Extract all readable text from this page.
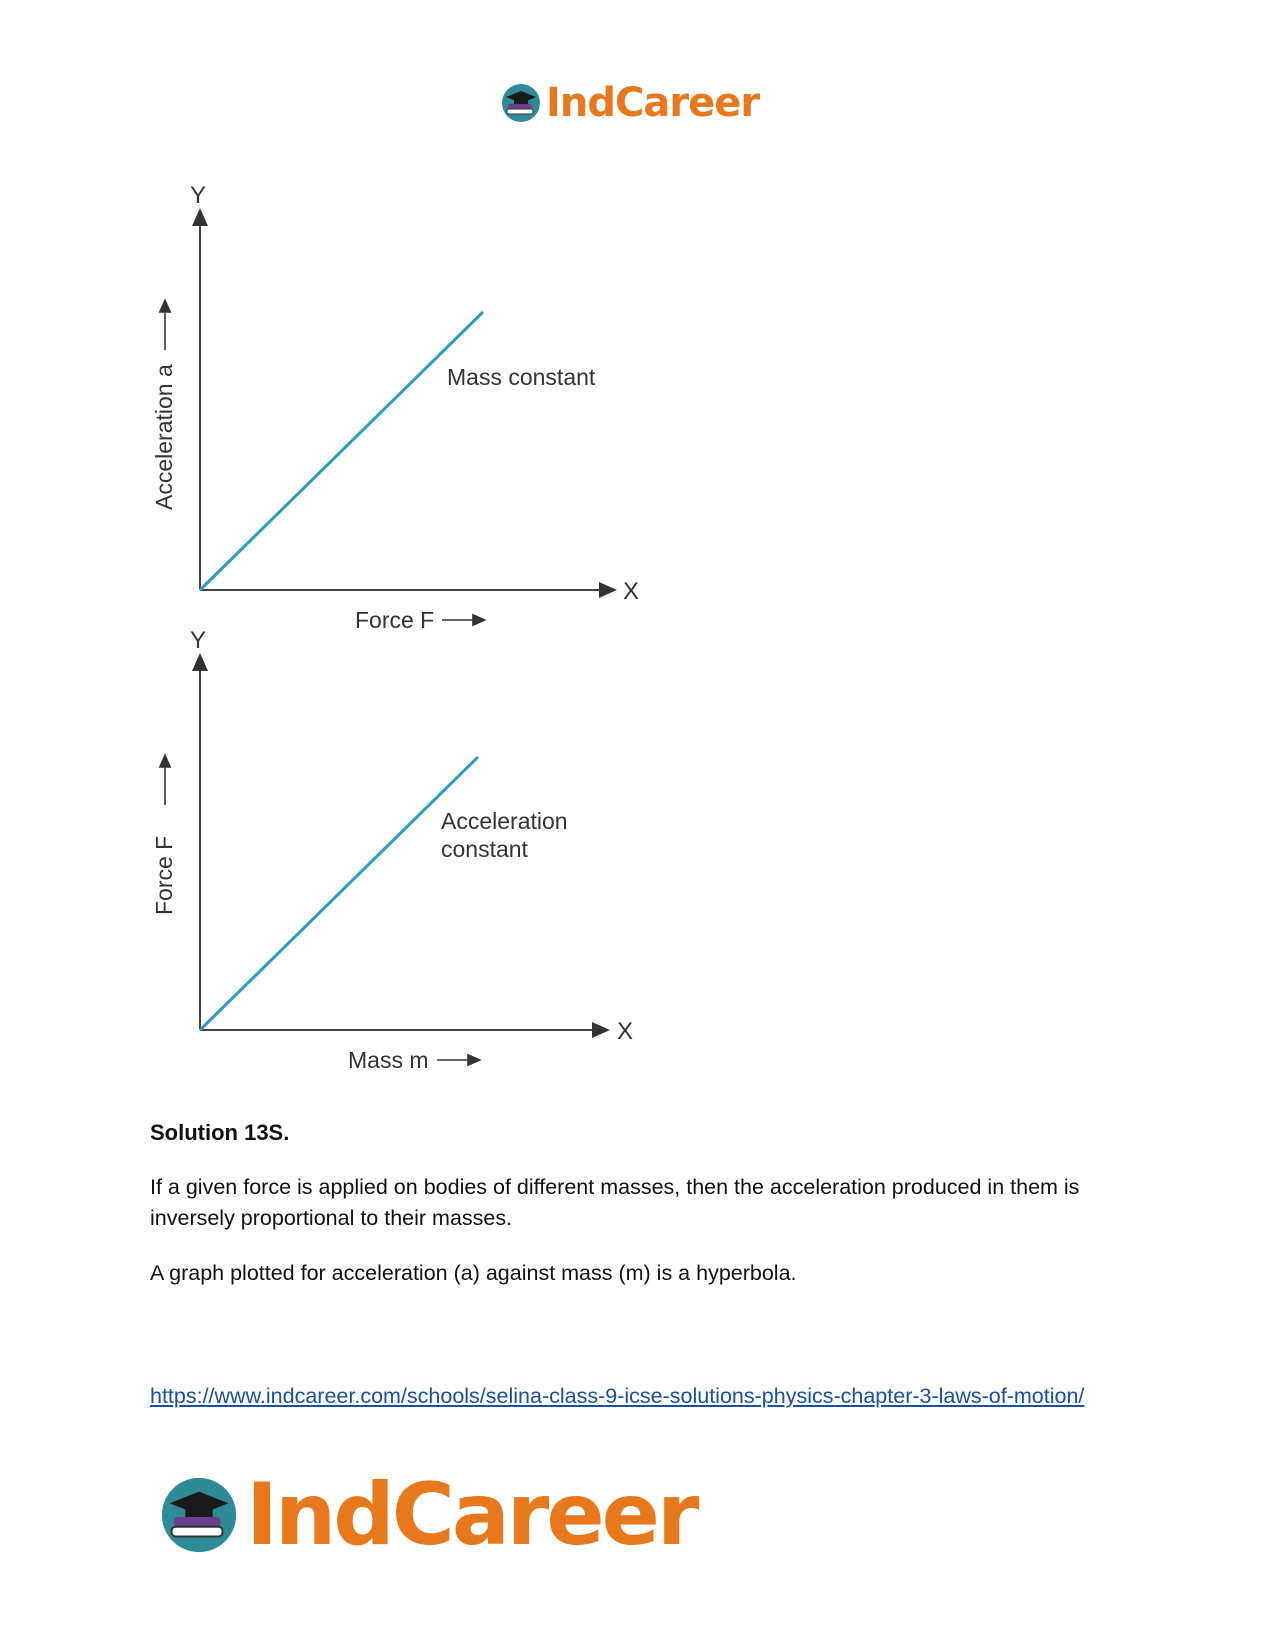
IndCareer
Y
X
Acceleration a
Force F
Mass constant
Y
X
Force F
Mass m
Acceleration
constant
Solution 13S.

If a given force is applied on bodies of different masses, then the acceleration produced in them is inversely proportional to their masses.

A graph plotted for acceleration (a) against mass (m) is a hyperbola.

https://www.indcareer.com/schools/selina-class-9-icse-solutions-physics-chapter-3-laws-of-motion/
IndCareer
